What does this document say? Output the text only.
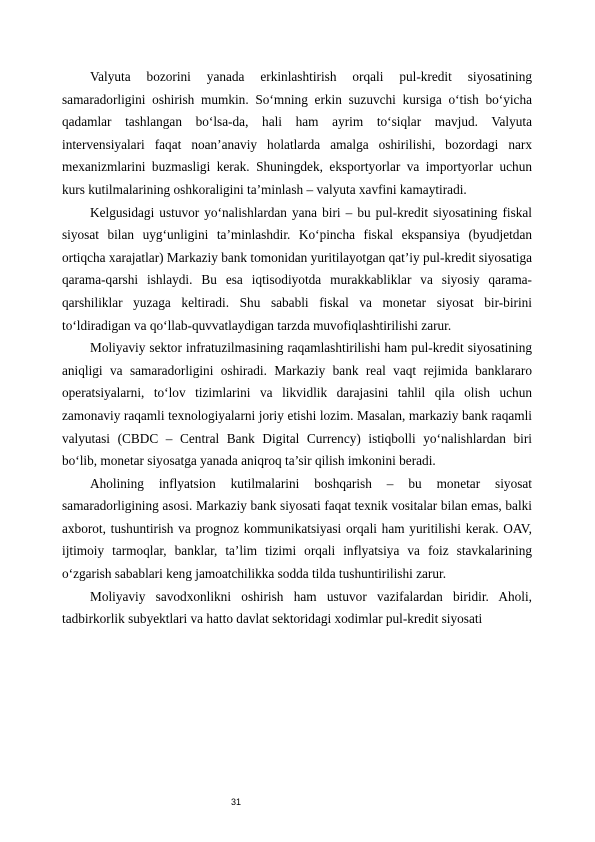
Valyuta bozorini yanada erkinlashtirish orqali pul-kredit siyosatining samaradorligini oshirish mumkin. So‘mning erkin suzuvchi kursiga o‘tish bo‘yicha qadamlar tashlangan bo‘lsa-da, hali ham ayrim to‘siqlar mavjud. Valyuta intervensiyalari faqat noan’anaviy holatlarda amalga oshirilishi, bozordagi narx mexanizmlarini buzmasligi kerak. Shuningdek, eksportyorlar va importyorlar uchun kurs kutilmalarining oshkoraligini ta’minlash – valyuta xavfini kamaytiradi.

Kelgusidagi ustuvor yo‘nalishlardan yana biri – bu pul-kredit siyosatining fiskal siyosat bilan uyg‘unligini ta’minlashdir. Ko‘pincha fiskal ekspansiya (byudjetdan ortiqcha xarajatlar) Markaziy bank tomonidan yuritilayotgan qat’iy pul-kredit siyosatiga qarama-qarshi ishlaydi. Bu esa iqtisodiyotda murakkabliklar va siyosiy qarama-qarshiliklar yuzaga keltiradi. Shu sababli fiskal va monetar siyosat bir-birini to‘ldiradigan va qo‘llab-quvvatlaydigan tarzda muvofiqlashtirilishi zarur.

Moliyaviy sektor infratuzilmasining raqamlashtirilishi ham pul-kredit siyosatining aniqligi va samaradorligini oshiradi. Markaziy bank real vaqt rejimida banklararo operatsiyalarni, to‘lov tizimlarini va likvidlik darajasini tahlil qila olish uchun zamonaviy raqamli texnologiyalarni joriy etishi lozim. Masalan, markaziy bank raqamli valyutasi (CBDC – Central Bank Digital Currency) istiqbolli yo‘nalishlardan biri bo‘lib, monetar siyosatga yanada aniqroq ta’sir qilish imkonini beradi.

Aholining inflyatsion kutilmalarini boshqarish – bu monetar siyosat samaradorligining asosi. Markaziy bank siyosati faqat texnik vositalar bilan emas, balki axborot, tushuntirish va prognoz kommunikatsiyasi orqali ham yuritilishi kerak. OAV, ijtimoiy tarmoqlar, banklar, ta’lim tizimi orqali inflyatsiya va foiz stavkalarining o‘zgarish sabablari keng jamoatchilikka sodda tilda tushuntirilishi zarur.

Moliyaviy savodxonlikni oshirish ham ustuvor vazifalardan biridir. Aholi, tadbirkorlik subyektlari va hatto davlat sektoridagi xodimlar pul-kredit siyosati

31
